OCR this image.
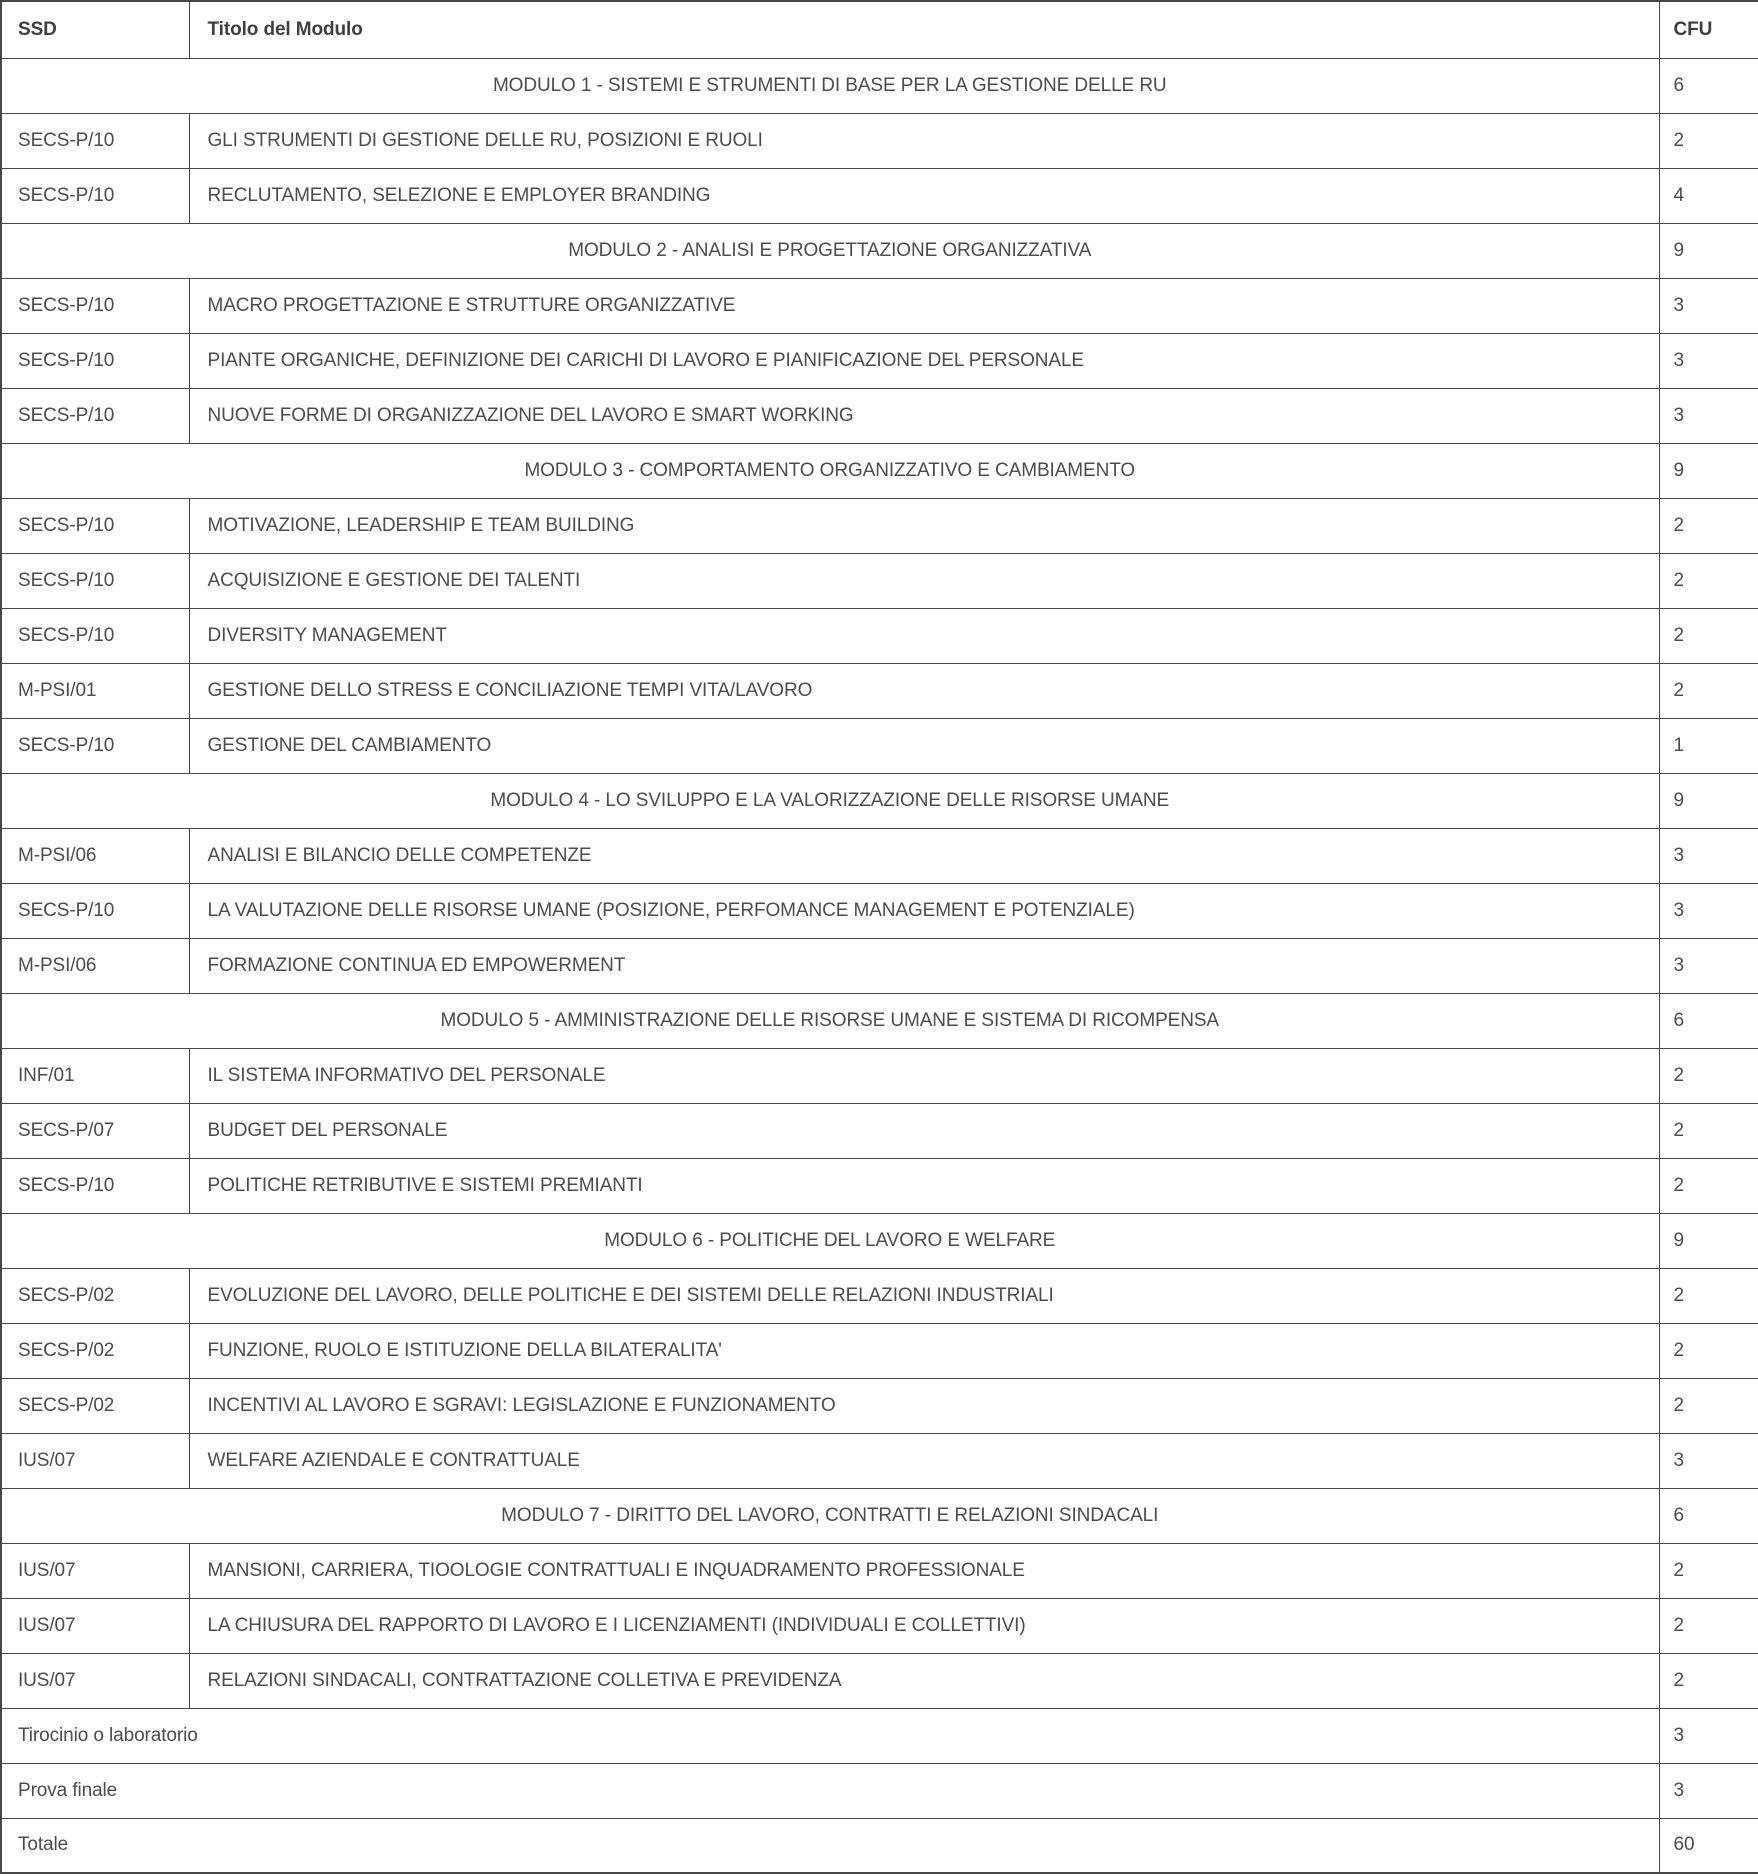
SSD	Titolo del Modulo	CFU
MODULO 1 - SISTEMI E STRUMENTI DI BASE PER LA GESTIONE DELLE RU		6
SECS-P/10	GLI STRUMENTI DI GESTIONE DELLE RU, POSIZIONI E RUOLI	2
SECS-P/10	RECLUTAMENTO, SELEZIONE E EMPLOYER BRANDING	4
MODULO 2 - ANALISI E PROGETTAZIONE ORGANIZZATIVA		9
SECS-P/10	MACRO PROGETTAZIONE E STRUTTURE ORGANIZZATIVE	3
SECS-P/10	PIANTE ORGANICHE, DEFINIZIONE DEI CARICHI DI LAVORO E PIANIFICAZIONE DEL PERSONALE	3
SECS-P/10	NUOVE FORME DI ORGANIZZAZIONE DEL LAVORO E SMART WORKING	3
MODULO 3 - COMPORTAMENTO ORGANIZZATIVO E CAMBIAMENTO		9
SECS-P/10	MOTIVAZIONE, LEADERSHIP E TEAM BUILDING	2
SECS-P/10	ACQUISIZIONE E GESTIONE DEI TALENTI	2
SECS-P/10	DIVERSITY MANAGEMENT	2
M-PSI/01	GESTIONE DELLO STRESS E CONCILIAZIONE TEMPI VITA/LAVORO	2
SECS-P/10	GESTIONE DEL CAMBIAMENTO	1
MODULO 4 - LO SVILUPPO E LA VALORIZZAZIONE DELLE RISORSE UMANE		9
M-PSI/06	ANALISI E BILANCIO DELLE COMPETENZE	3
SECS-P/10	LA VALUTAZIONE DELLE RISORSE UMANE (POSIZIONE, PERFOMANCE MANAGEMENT E POTENZIALE)	3
M-PSI/06	FORMAZIONE CONTINUA ED EMPOWERMENT	3
MODULO 5 - AMMINISTRAZIONE DELLE RISORSE UMANE E SISTEMA DI RICOMPENSA		6
INF/01	IL SISTEMA INFORMATIVO DEL PERSONALE	2
SECS-P/07	BUDGET DEL PERSONALE	2
SECS-P/10	POLITICHE RETRIBUTIVE E SISTEMI PREMIANTI	2
MODULO 6 - POLITICHE DEL LAVORO E WELFARE		9
SECS-P/02	EVOLUZIONE DEL LAVORO, DELLE POLITICHE E DEI SISTEMI DELLE RELAZIONI INDUSTRIALI	2
SECS-P/02	FUNZIONE, RUOLO E ISTITUZIONE DELLA BILATERALITA'	2
SECS-P/02	INCENTIVI AL LAVORO E SGRAVI: LEGISLAZIONE E FUNZIONAMENTO	2
IUS/07	WELFARE AZIENDALE E CONTRATTUALE	3
MODULO 7 - DIRITTO DEL LAVORO, CONTRATTI E RELAZIONI SINDACALI		6
IUS/07	MANSIONI, CARRIERA, TIOOLOGIE CONTRATTUALI E INQUADRAMENTO PROFESSIONALE	2
IUS/07	LA CHIUSURA DEL RAPPORTO DI LAVORO E I LICENZIAMENTI (INDIVIDUALI E COLLETTIVI)	2
IUS/07	RELAZIONI SINDACALI, CONTRATTAZIONE COLLETIVA E PREVIDENZA	2
Tirocinio o laboratorio		3
Prova finale		3
Totale		60
